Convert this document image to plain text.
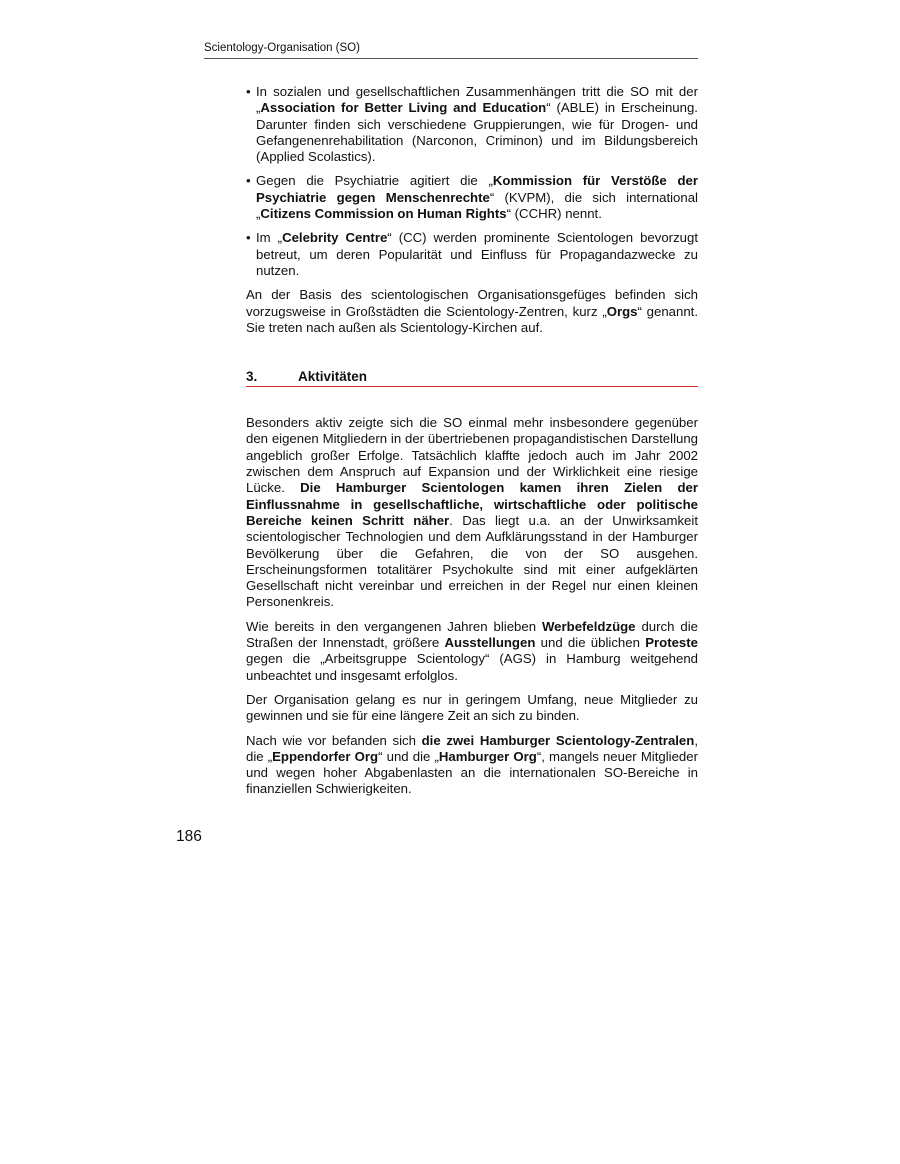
Scientology-Organisation (SO)
• In sozialen und gesellschaftlichen Zusammenhängen tritt die SO mit der „Association for Better Living and Education“ (ABLE) in Erscheinung. Darunter finden sich verschiedene Gruppierungen, wie für Drogen- und Gefangenenrehabilitation (Narconon, Criminon) und im Bildungsbereich (Applied Scolastics).
• Gegen die Psychiatrie agitiert die „Kommission für Verstöße der Psychiatrie gegen Menschenrechte“ (KVPM), die sich international „Citizens Commission on Human Rights“ (CCHR) nennt.
• Im „Celebrity Centre“ (CC) werden prominente Scientologen bevorzugt betreut, um deren Popularität und Einfluss für Propagandazwecke zu nutzen.

An der Basis des scientologischen Organisationsgefüges befinden sich vorzugsweise in Großstädten die Scientology-Zentren, kurz „Orgs“ genannt. Sie treten nach außen als Scientology-Kirchen auf.

3.	Aktivitäten

Besonders aktiv zeigte sich die SO einmal mehr insbesondere gegenüber den eigenen Mitgliedern in der übertriebenen propagandistischen Darstellung angeblich großer Erfolge. Tatsächlich klaffte jedoch auch im Jahr 2002 zwischen dem Anspruch auf Expansion und der Wirklichkeit eine riesige Lücke. Die Hamburger Scientologen kamen ihren Zielen der Einflussnahme in gesellschaftliche, wirtschaftliche oder politische Bereiche keinen Schritt näher. Das liegt u.a. an der Unwirksamkeit scientologischer Technologien und dem Aufklärungsstand in der Hamburger Bevölkerung über die Gefahren, die von der SO ausgehen. Erscheinungsformen totalitärer Psychokulte sind mit einer aufgeklärten Gesellschaft nicht vereinbar und erreichen in der Regel nur einen kleinen Personenkreis.

Wie bereits in den vergangenen Jahren blieben Werbefeldzüge durch die Straßen der Innenstadt, größere Ausstellungen und die üblichen Proteste gegen die „Arbeitsgruppe Scientology“ (AGS) in Hamburg weitgehend unbeachtet und insgesamt erfolglos.

Der Organisation gelang es nur in geringem Umfang, neue Mitglieder zu gewinnen und sie für eine längere Zeit an sich zu binden.

Nach wie vor befanden sich die zwei Hamburger Scientology-Zentralen, die „Eppendorfer Org“ und die „Hamburger Org“, mangels neuer Mitglieder und wegen hoher Abgabenlasten an die internationalen SO-Bereiche in finanziellen Schwierigkeiten.

186
